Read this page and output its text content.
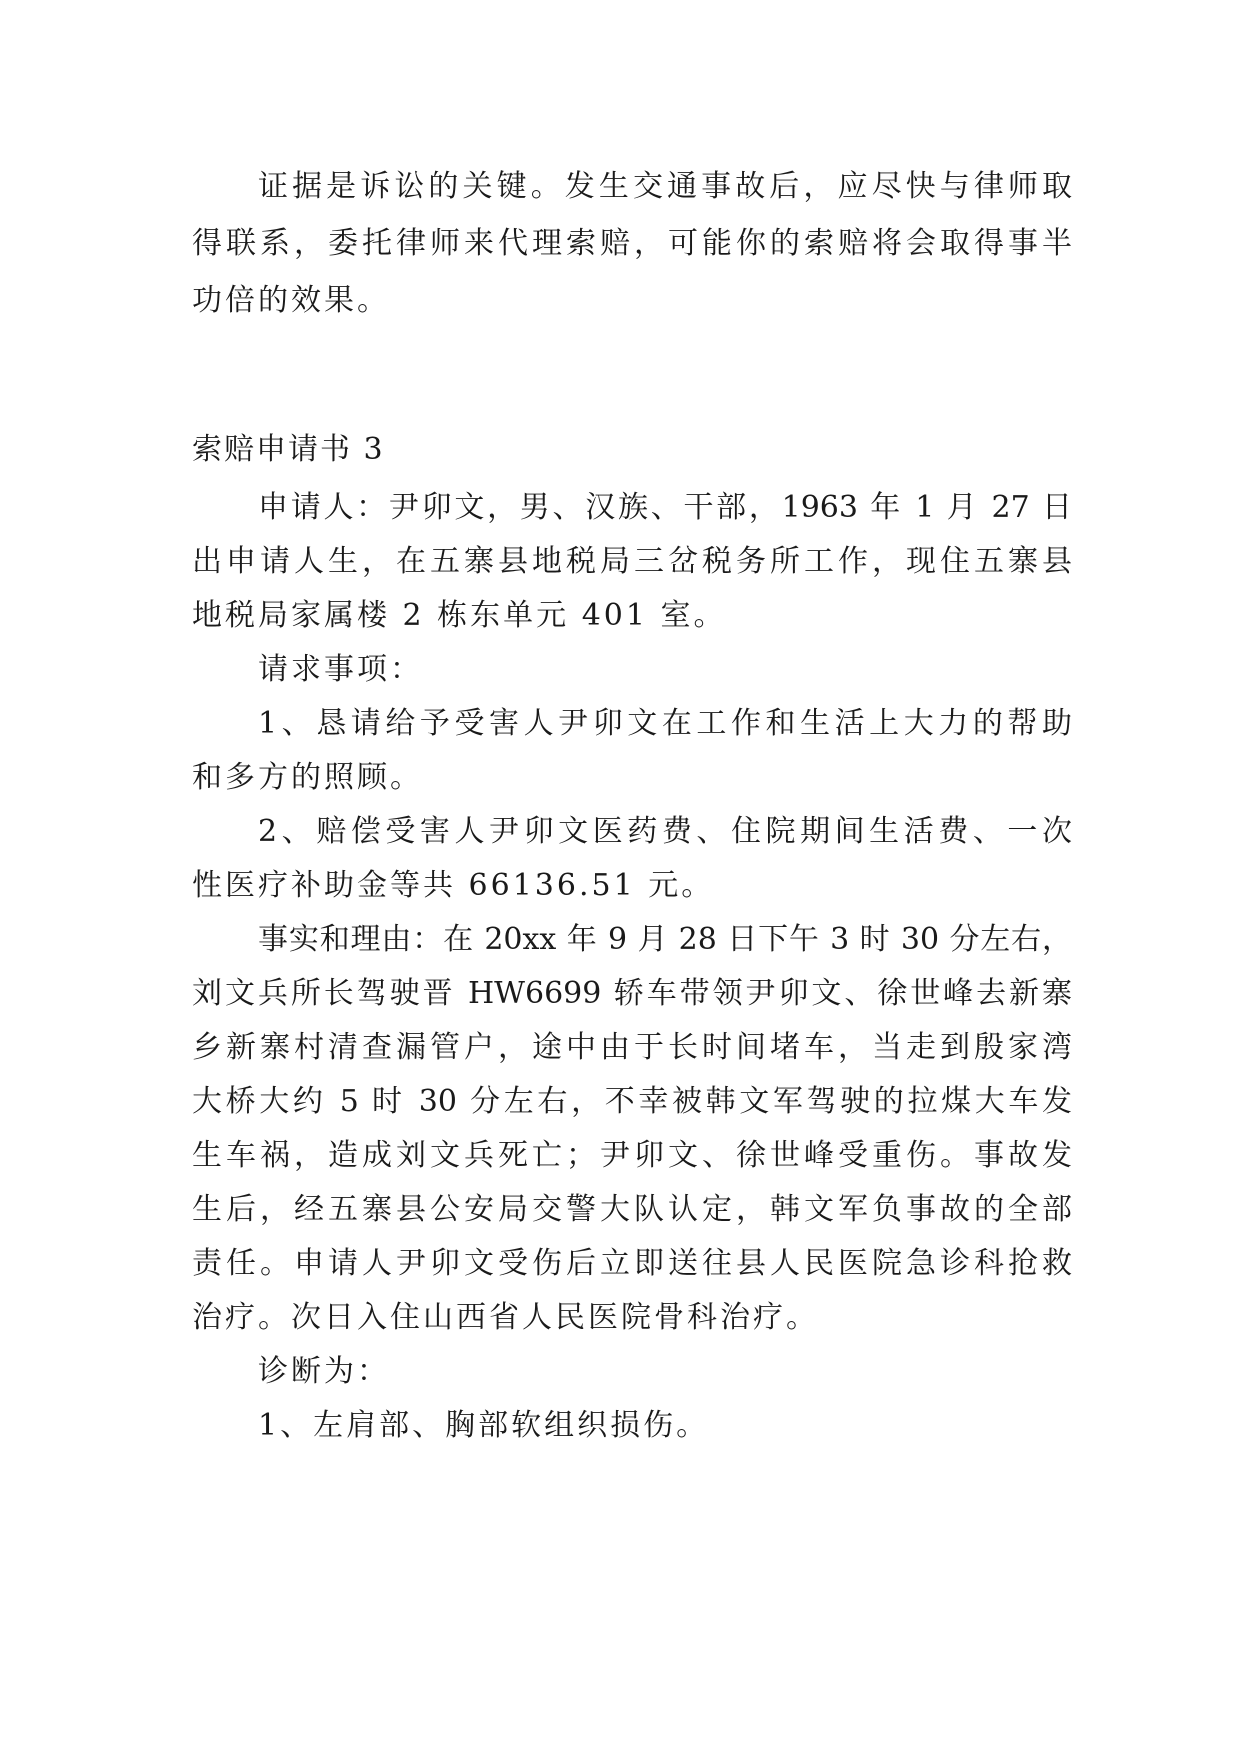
证据是诉讼的关键。发生交通事故后，应尽快与律师取
得联系，委托律师来代理索赔，可能你的索赔将会取得事半
功倍的效果。
索赔申请书 3
申请人：尹卯文，男、汉族、干部，1963 年 1 月 27 日
出申请人生，在五寨县地税局三岔税务所工作，现住五寨县
地税局家属楼 2 栋东单元 401 室。
请求事项：
1、恳请给予受害人尹卯文在工作和生活上大力的帮助
和多方的照顾。
2、赔偿受害人尹卯文医药费、住院期间生活费、一次
性医疗补助金等共 66136.51 元。
事实和理由：在 20xx 年 9 月 28 日下午 3 时 30 分左右，
刘文兵所长驾驶晋 HW6699 轿车带领尹卯文、徐世峰去新寨
乡新寨村清查漏管户，途中由于长时间堵车，当走到殷家湾
大桥大约 5 时 30 分左右，不幸被韩文军驾驶的拉煤大车发
生车祸，造成刘文兵死亡；尹卯文、徐世峰受重伤。事故发
生后，经五寨县公安局交警大队认定，韩文军负事故的全部
责任。申请人尹卯文受伤后立即送往县人民医院急诊科抢救
治疗。次日入住山西省人民医院骨科治疗。
诊断为：
1、左肩部、胸部软组织损伤。
